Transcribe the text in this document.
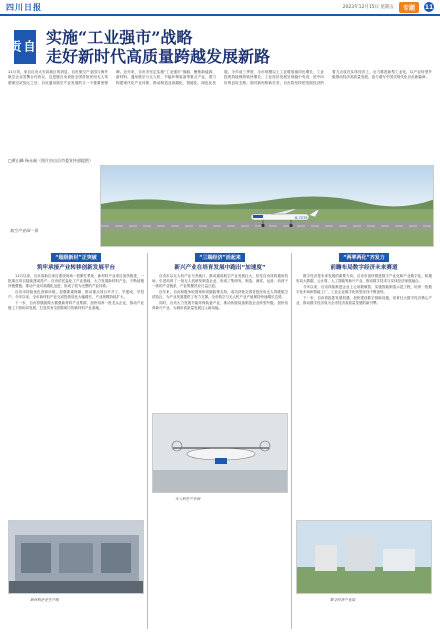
四川日报	2023年12月15日 星期五	专题	11
自贡	实施“工业强市”战略
走好新时代高质量跨越发展新路
11月初，来自自贡大安高新区的消息，自贡航空产业园与海外航空企业签署合作协议，这是继自贡获批全国首批民用无人驾驶航空试验区之后，自贡通用航空产业发展的又一个重要里程碑。近年来，自贡市坚定实施“工业强市”战略，聚焦新能源、新材料、通用航空与无人机、节能环保装备等重点产业，着力构建现代化产业体系，推动制造业高端化、智能化、绿色化发展。今年前三季度，全市规模以上工业增加值同比增长，工业投资持续保持较快增长，工业经济发展呈现稳中有进、进中向好的良好态势。面对新形势新任务，自贡将坚持把发展经济的着力点放在实体经济上，全力推进新型工业化，以产业转型升级推动经济高质量发展，奋力谱写中国式现代化自贡新篇章。
□黄山峰 杨永福（图片由自贡市委宣传部提供）
B-70T9
航空产业园一景
“超级新材”正突破
筑牢承接产业转移创新发展平台

11月以来，自贡高新区项目建设现场一派繁忙景象，新材料产业项目加快推进，一批重点项目陆续建成投产。自贡依托盐化工产业基础，大力发展新材料产业，不断延链补链强链，推动产业向高端化迈进，形成了较为完整的产业体系。

自贡市持续优化营商环境，加强要素保障，推动重点项目早开工、早建成、早投产。今年以来，全市新材料产业完成投资同比大幅增长，产业规模持续扩大。

下一步，自贡将继续做大做强新材料产业集群，加快培育一批龙头企业，推动产业链上下游协同发展，打造具有全国影响力的新材料产业基地。

新材料企业生产线
“三端经济”活起来
新兴产业在培育发展中跑出“加速度”

自贡市以无人机产业为突破口，推动通用航空产业发展壮大。依托自贡凤鸣通用机场，引进培育了一批无人机研发制造企业，形成了集研发、制造、测试、运营、培训于一体的产业链条，产业集聚效应日益凸显。

近年来，自贡积极争取国家和省级政策支持，成功获批全国首批民用无人驾驶航空试验区，为产业发展提供了有力支撑。全市航空与无人机产业产值保持快速增长态势。

同时，自贡大力发展节能环保装备产业，推动传统装备制造企业转型升级，加快培育新兴产业，为城市高质量发展注入新动能。

无人机生产车间
“两率两化”齐发力
前瞻布局数字经济未来赛道

数字经济是未来发展的重要方向。自贡市加快推进数字产业化和产业数字化，积极布局大数据、云计算、人工智能等新兴产业，推动数字技术与实体经济深度融合。

今年以来，自贡持续推进企业上云用数赋智，实施智能制造示范工程，培育一批数字化车间和智能工厂，工业企业数字化转型步伐不断加快。

下一步，自贡将抢抓发展机遇，加快建设数字基础设施，培育壮大数字经济核心产业，推动数字经济成为全市经济高质量发展的新引擎。

数字经济产业园
